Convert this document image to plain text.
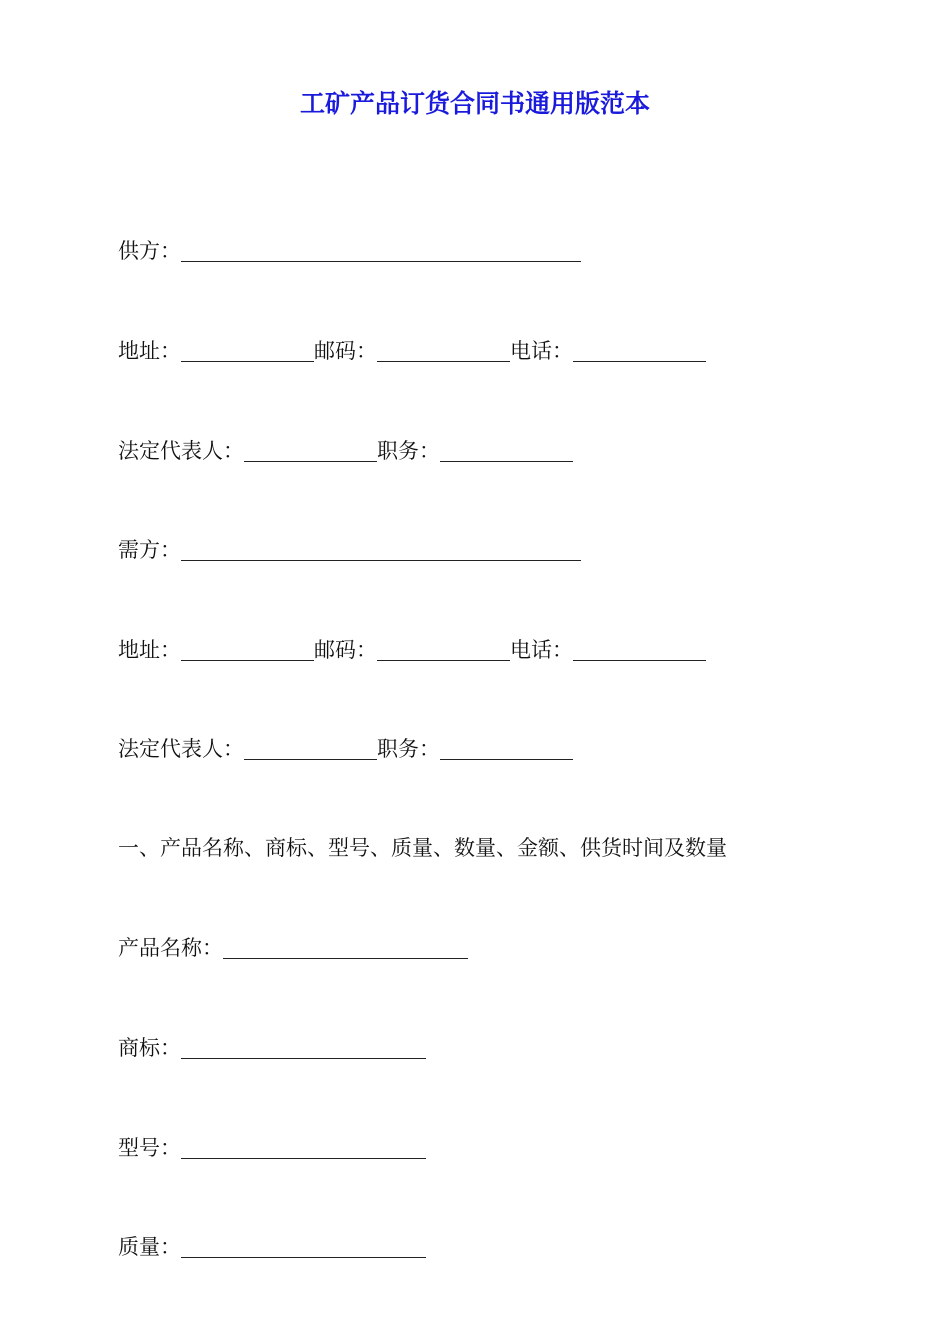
工矿产品订货合同书通用版范本
供方：
地址：	邮码：	电话：
法定代表人：	职务：
需方：
地址：	邮码：	电话：
法定代表人：	职务：
一、产品名称、商标、型号、质量、数量、金额、供货时间及数量
产品名称：
商标：
型号：
质量：
